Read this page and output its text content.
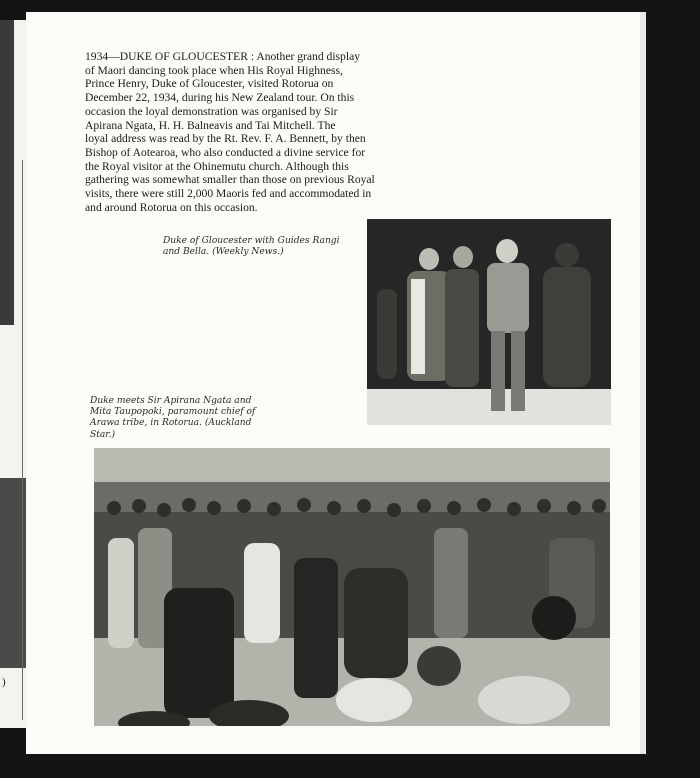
)
1934—DUKE OF GLOUCESTER : Another grand display
of Maori dancing took place when His Royal Highness,
Prince Henry, Duke of Gloucester, visited Rotorua on
December 22, 1934, during his New Zealand tour. On this
occasion the loyal demonstration was organised by Sir
Apirana Ngata, H. H. Balneavis and Tai Mitchell. The
loyal address was read by the Rt. Rev. F. A. Bennett, by then
Bishop of Aotearoa, who also conducted a divine service for
the Royal visitor at the Ohinemutu church. Although this
gathering was somewhat smaller than those on previous Royal
visits, there were still 2,000 Maoris fed and accommodated in
and around Rotorua on this occasion.
Duke of Gloucester with Guides Rangi
and Bella. (Weekly News.)
Duke meets Sir Apirana Ngata and
Mita Taupopoki, paramount chief of
Arawa tribe, in Rotorua. (Auckland
Star.)
